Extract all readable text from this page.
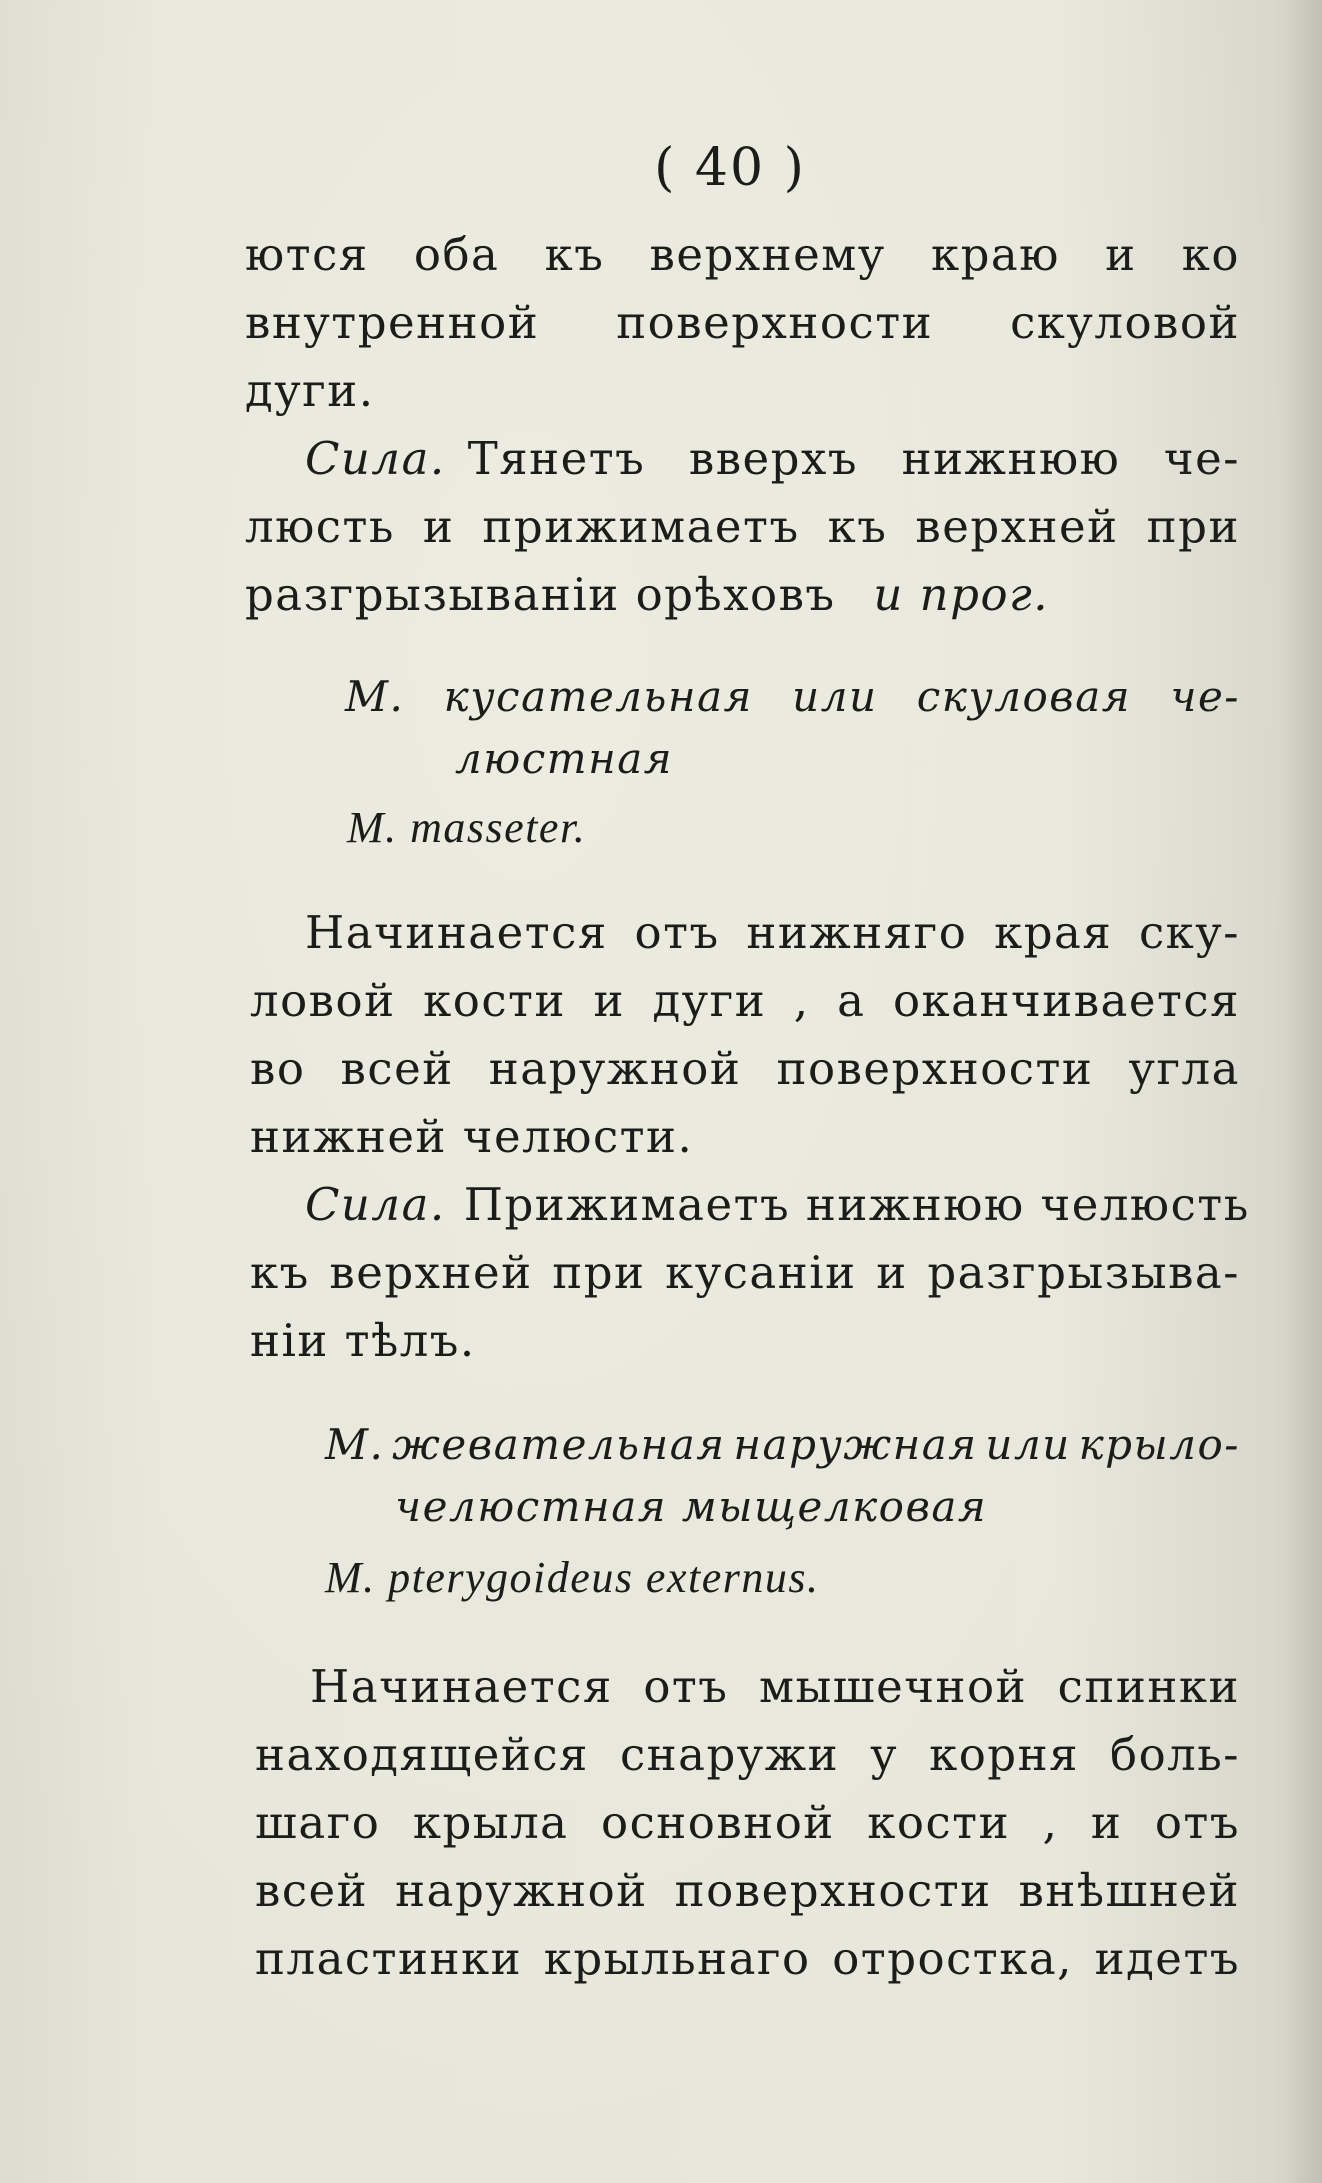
( 40 )
ются оба къ верхнему краю и ко
внутренной поверхности скуловой
дуги.
Сила. Тянетъ вверхъ нижнюю че-
люсть и прижимаетъ къ верхней при
разгрызываніи орѣховъ и прог.
М. кусательная или скуловая че-
люстная
М. masseter.
Начинается отъ нижняго края ску-
ловой кости и дуги , а оканчивается
во всей наружной поверхности угла
нижней челюсти.
Сила. Прижимаетъ нижнюю челюсть
къ верхней при кусаніи и разгрызыва-
ніи тѣлъ.
М. жевательная наружная или крыло-
челюстная мыщелковая
M. pterygoideus externus.
Начинается отъ мышечной спинки
находящейся снаружи у корня боль-
шаго крыла основной кости , и отъ
всей наружной поверхности внѣшней
пластинки крыльнаго отростка, идетъ
